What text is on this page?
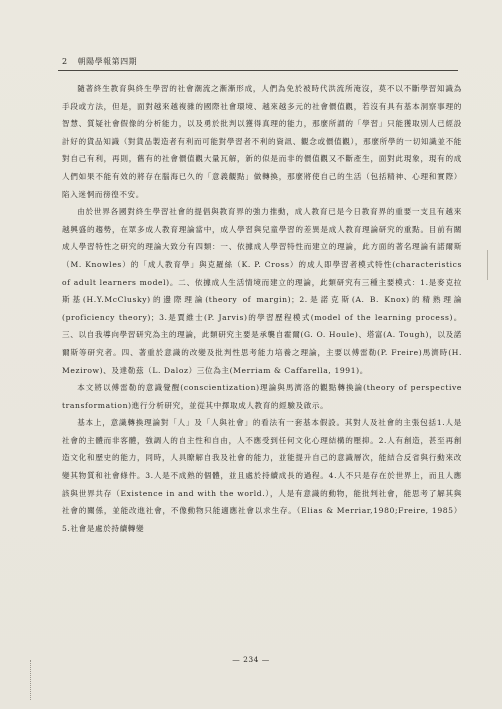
2 朝陽學報第四期

隨著終生教育與終生學習的社會潮流之漸漸形成，人們為免於被時代洪流所淹沒，莫不以不斷學習知識為手段或方法，但是，面對越來越複雜的國際社會環境、越來越多元的社會價值觀，若沒有具有基本洞察事理的智慧、質疑社會假像的分析能力，以及勇於批判以獲得真理的能力，那麼所謂的「學習」只能獲取別人已經設計好的貨品知識（對貨品製造者有利而可能對學習者不利的資訊、觀念或價值觀），那麼所學的一切知識並不能對自己有利，再則，舊有的社會價值觀大量瓦解，新的似是而非的價值觀又不斷產生，面對此現象，現有的成人們如果不能有效的將存在腦海已久的「意義觀點」做轉換，那麼將使自己的生活（包括精神、心理和實際）陷入迷惘而徬徨不安。

由於世界各國對終生學習社會的提倡與教育界的強力推動，成人教育已是今日教育界的重要一支且有越來越興盛的趨勢，在眾多成人教育理論當中，成人學習與兒童學習的差異是成人教育理論研究的重點。目前有關成人學習特性之研究的理論大致分有四類：一、依據成人學習特性而建立的理論，此方面的著名理論有諾爾斯（M. Knowles）的「成人教育學」與克羅絲（K. P. Cross）的成人即學習者模式特性(characteristics of adult learners model)。二、依據成人生活情境而建立的理論，此類研究有三種主要模式：1.是麥克拉斯基(H.Y.McClusky)的邊際理論(theory of margin)；2.是諾克斯(A. B. Knox)的精熟理論(proficiency theory)；3.是賈維士(P. Jarvis)的學習歷程模式(model of the learning process)。三、以自我導向學習研究為主的理論，此類研究主要是承襲自霍爾(G. O. Houle)、塔富(A. Tough)，以及諾爾斯等研究者。四、著重於意識的改變及批判性思考能力培養之理論，主要以傅雷勒(P. Freire)馬濟時(H. Mezirow)、及達勒茲（L. Daloz）三位為主(Merriam & Caffarella, 1991)。

本文將以傅雷勒的意識覺醒(conscientization)理論與馬濟洛的觀點轉換論(theory of perspective transformation)進行分析研究，並從其中擇取成人教育的經驗及啟示。

基本上，意識轉換理論對「人」及「人與社會」的看法有一套基本假設。其對人及社會的主張包括1.人是社會的主體而非客體，強調人的自主性和自由，人不應受到任何文化心理結構的壓抑。2.人有創造，甚至再創造文化和歷史的能力，同時，人具瞭解自我及社會的能力，並能提升自己的意識層次，能結合反省與行動來改變其物質和社會條件。3.人是不成熟的個體，並且處於持續成長的過程。4.人不只是存在於世界上，而且人應該與世界共存（Existence in and with the world.），人是有意識的動物，能批判社會，能思考了解其與社會的關係，並能改進社會，不像動物只能適應社會以求生存。（Elias & Merriar,1980;Freire, 1985）5.社會是處於持續轉變

— 234 —
